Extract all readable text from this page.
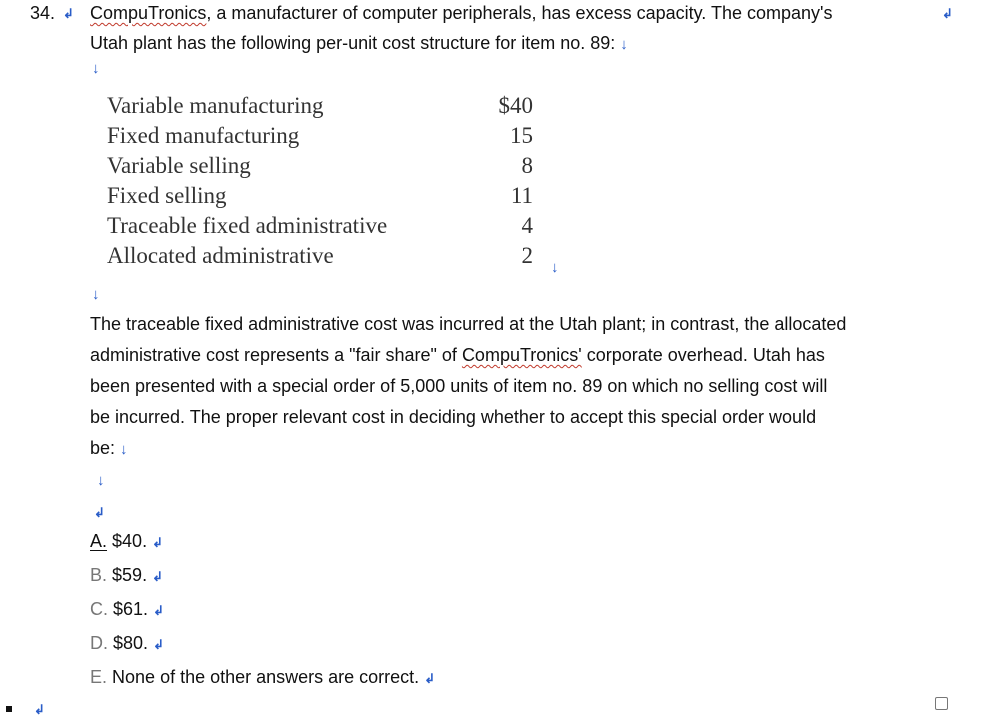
34. ↲ CompuTronics, a manufacturer of computer peripherals, has excess capacity. The company's	↲
Utah plant has the following per-unit cost structure for item no. 89: ↓
↓
Variable manufacturing	$40
Fixed manufacturing	15
Variable selling	8
Fixed selling	11
Traceable fixed administrative	4
Allocated administrative	2 ↓
↓
The traceable fixed administrative cost was incurred at the Utah plant; in contrast, the allocated
administrative cost represents a "fair share" of CompuTronics' corporate overhead. Utah has
been presented with a special order of 5,000 units of item no. 89 on which no selling cost will
be incurred. The proper relevant cost in deciding whether to accept this special order would
be: ↓
↓
↲
A. $40. ↲
B. $59. ↲
C. $61. ↲
D. $80. ↲
E. None of the other answers are correct. ↲
↲
